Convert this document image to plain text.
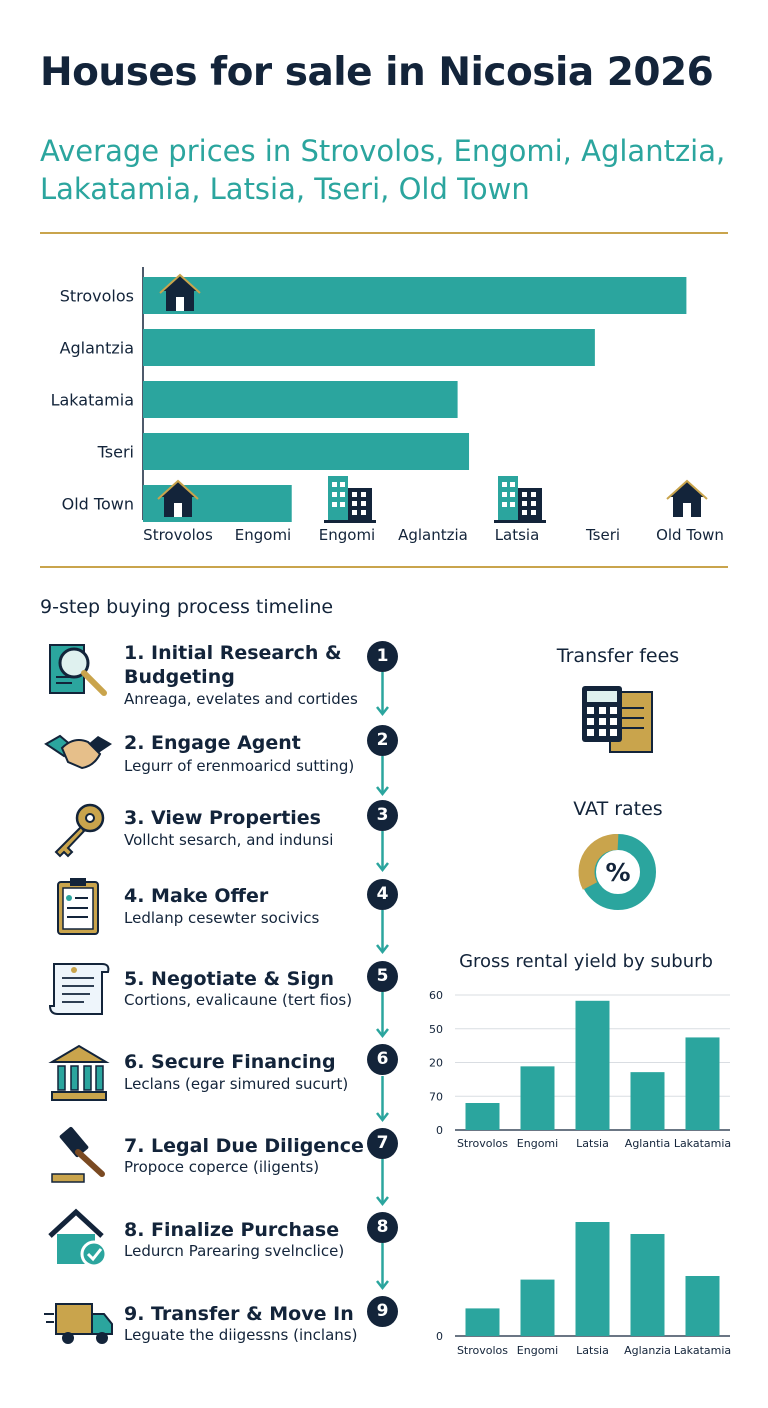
Houses for sale in Nicosia 2026
Average prices in Strovolos, Engomi, Aglantzia, Lakatamia, Latsia, Tseri, Old Town
Strovolos
Aglantzia
Lakatamia
Tseri
Old Town
Strovolos Engomi Engomi Aglantzia Latsia	Tseri Old Town
9-step buying process timeline
1. Initial Research &
Budgeting
Anreaga, evelates and cortides
1
2. Engage Agent
Legurr of erenmoaricd sutting)
2
3. View Properties
Vollcht sesarch, and indunsi
3
4. Make Offer
Ledlanp cesewter socivics
4
5. Negotiate & Sign
Cortions, evalicaune (tert fios)
5
6. Secure Financing
Leclans (egar simured sucurt)
6
7. Legal Due Diligence
Propoce coperce (iligents)
7
8. Finalize Purchase
Ledurcn Parearing svelnclice)
8
9. Transfer & Move In
Leguate the diigessns (inclans)
9
Transfer fees
VAT rates
%
Gross rental yield by suburb
0
70
20
50
60
Strovolos Engomi Latsia Aglantia Lakatamia
0
Strovolos Engomi Latsia Aglanzia Lakatamia
